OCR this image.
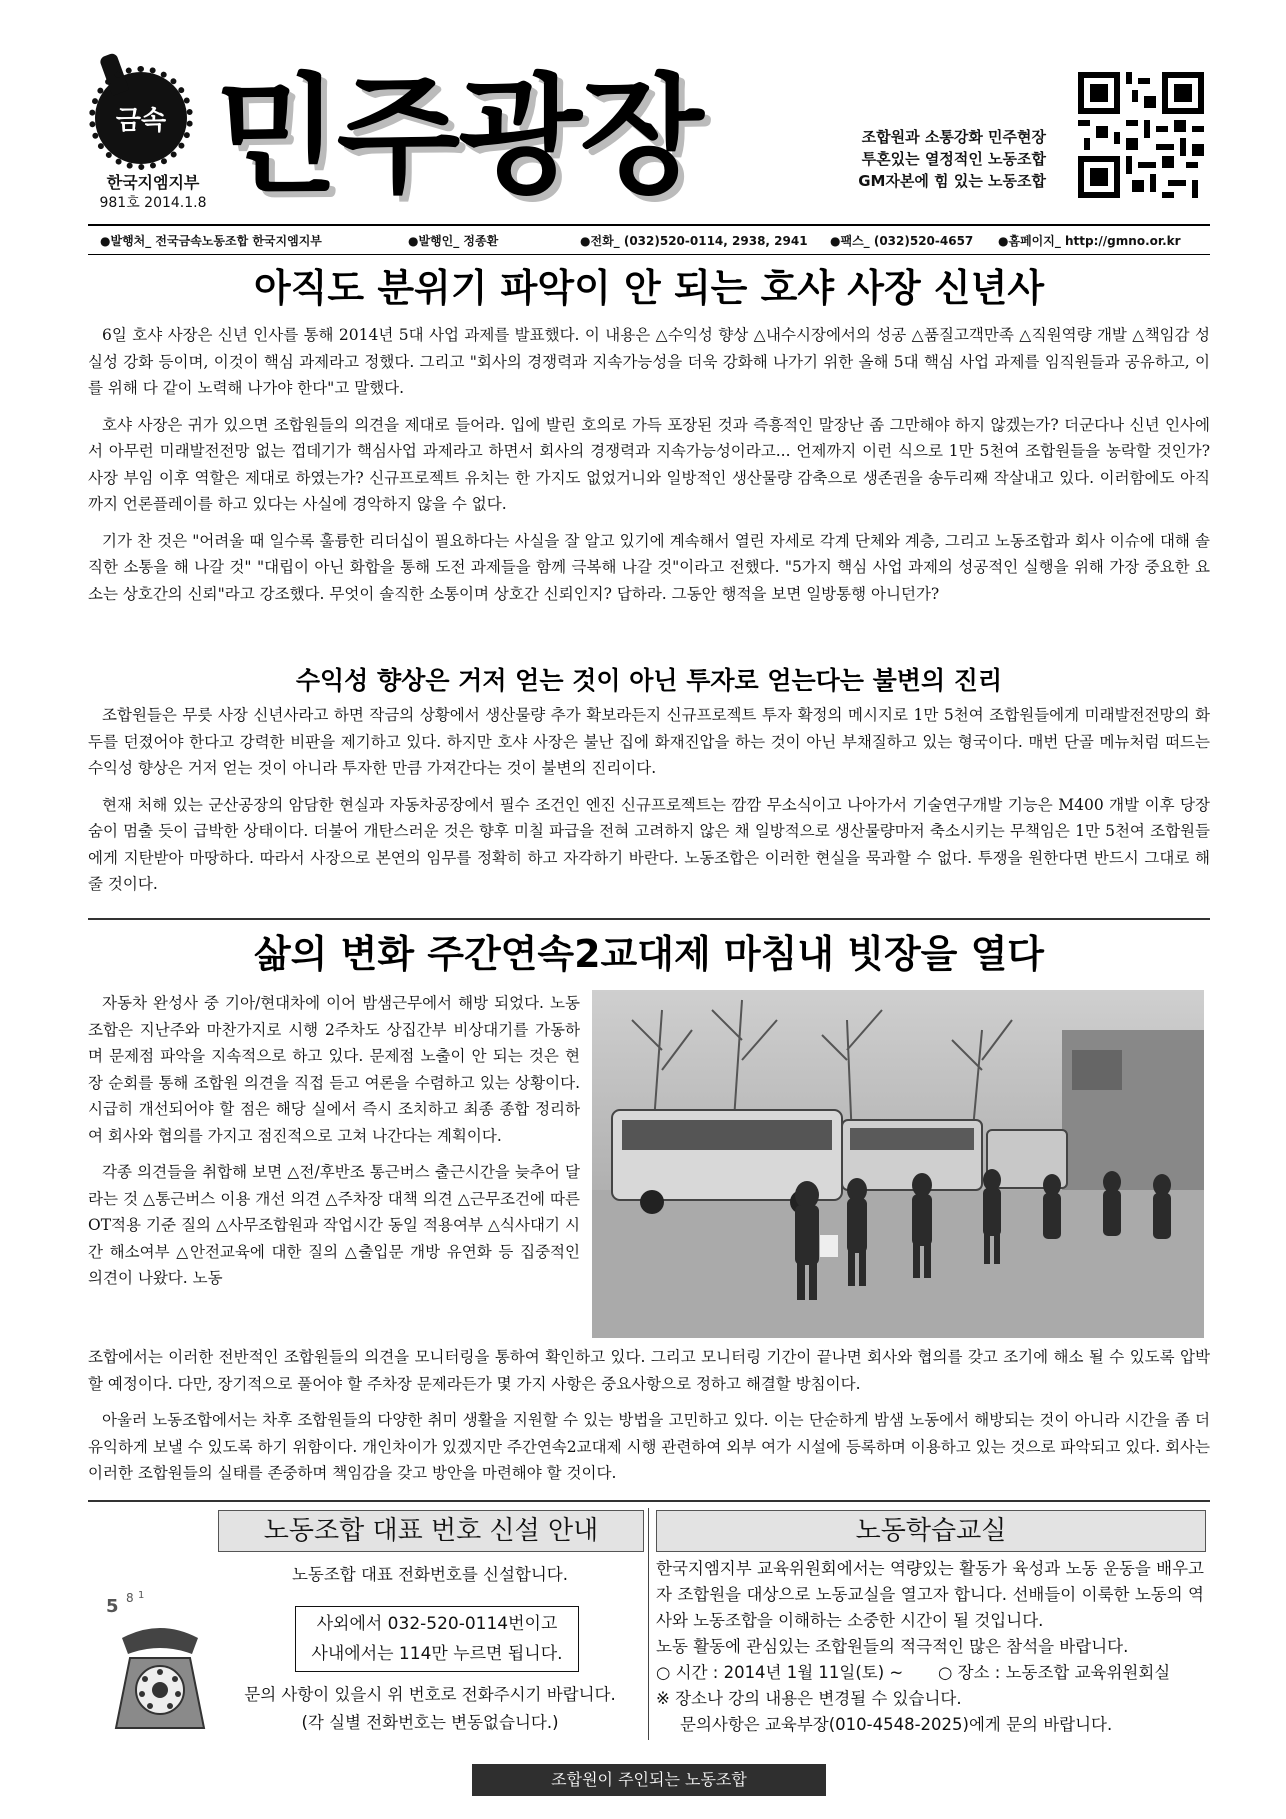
금속
한국지엠지부
981호 2014.1.8 민주광장	조합원과 소통강화 민주현장
투혼있는 열정적인 노동조합
GM자본에 힘 있는 노동조합
●발행처_ 전국금속노동조합 한국지엠지부	●발행인_ 정종환	●전화_ (032)520-0114, 2938, 2941 ●팩스_ (032)520-4657 ●홈페이지_ http://gmno.or.kr
아직도 분위기 파악이 안 되는 호샤 사장 신년사

6일 호샤 사장은 신년 인사를 통해 2014년 5대 사업 과제를 발표했다. 이 내용은 △수익성 향상 △내수시장에서의 성공 △품질고객만족 △직원역량 개발 △책임감 성실성 강화 등이며, 이것이 핵심 과제라고 정했다. 그리고 "회사의 경쟁력과 지속가능성을 더욱 강화해 나가기 위한 올해 5대 핵심 사업 과제를 임직원들과 공유하고, 이를 위해 다 같이 노력해 나가야 한다"고 말했다.

호샤 사장은 귀가 있으면 조합원들의 의견을 제대로 들어라. 입에 발린 호의로 가득 포장된 것과 즉흥적인 말장난 좀 그만해야 하지 않겠는가? 더군다나 신년 인사에서 아무런 미래발전전망 없는 껍데기가 핵심사업 과제라고 하면서 회사의 경쟁력과 지속가능성이라고... 언제까지 이런 식으로 1만 5천여 조합원들을 농락할 것인가? 사장 부임 이후 역할은 제대로 하였는가? 신규프로젝트 유치는 한 가지도 없었거니와 일방적인 생산물량 감축으로 생존권을 송두리째 작살내고 있다. 이러함에도 아직까지 언론플레이를 하고 있다는 사실에 경악하지 않을 수 없다.

기가 찬 것은 "어려울 때 일수록 훌륭한 리더십이 필요하다는 사실을 잘 알고 있기에 계속해서 열린 자세로 각계 단체와 계층, 그리고 노동조합과 회사 이슈에 대해 솔직한 소통을 해 나갈 것" "대립이 아닌 화합을 통해 도전 과제들을 함께 극복해 나갈 것"이라고 전했다. "5가지 핵심 사업 과제의 성공적인 실행을 위해 가장 중요한 요소는 상호간의 신뢰"라고 강조했다. 무엇이 솔직한 소통이며 상호간 신뢰인지? 답하라. 그동안 행적을 보면 일방통행 아니던가?

수익성 향상은 거저 얻는 것이 아닌 투자로 얻는다는 불변의 진리

조합원들은 무릇 사장 신년사라고 하면 작금의 상황에서 생산물량 추가 확보라든지 신규프로젝트 투자 확정의 메시지로 1만 5천여 조합원들에게 미래발전전망의 화두를 던졌어야 한다고 강력한 비판을 제기하고 있다. 하지만 호샤 사장은 불난 집에 화재진압을 하는 것이 아닌 부채질하고 있는 형국이다. 매번 단골 메뉴처럼 떠드는 수익성 향상은 거저 얻는 것이 아니라 투자한 만큼 가져간다는 것이 불변의 진리이다.

현재 처해 있는 군산공장의 암담한 현실과 자동차공장에서 필수 조건인 엔진 신규프로젝트는 깜깜 무소식이고 나아가서 기술연구개발 기능은 M400 개발 이후 당장 숨이 멈출 듯이 급박한 상태이다. 더불어 개탄스러운 것은 향후 미칠 파급을 전혀 고려하지 않은 채 일방적으로 생산물량마저 축소시키는 무책임은 1만 5천여 조합원들에게 지탄받아 마땅하다. 따라서 사장으로 본연의 임무를 정확히 하고 자각하기 바란다. 노동조합은 이러한 현실을 묵과할 수 없다. 투쟁을 원한다면 반드시 그대로 해 줄 것이다.

삶의 변화 주간연속2교대제 마침내 빗장을 열다

자동차 완성사 중 기아/현대차에 이어 밤샘근무에서 해방 되었다. 노동조합은 지난주와 마찬가지로 시행 2주차도 상집간부 비상대기를 가동하며 문제점 파악을 지속적으로 하고 있다. 문제점 노출이 안 되는 것은 현장 순회를 통해 조합원 의견을 직접 듣고 여론을 수렴하고 있는 상황이다. 시급히 개선되어야 할 점은 해당 실에서 즉시 조치하고 최종 종합 정리하여 회사와 협의를 가지고 점진적으로 고쳐 나간다는 계획이다.

각종 의견들을 취합해 보면 △전/후반조 통근버스 출근시간을 늦추어 달라는 것 △통근버스 이용 개선 의견 △주차장 대책 의견 △근무조건에 따른 OT적용 기준 질의 △사무조합원과 작업시간 동일 적용여부 △식사대기 시간 해소여부 △안전교육에 대한 질의 △출입문 개방 유연화 등 집중적인 의견이 나왔다. 노동

조합에서는 이러한 전반적인 조합원들의 의견을 모니터링을 통하여 확인하고 있다. 그리고 모니터링 기간이 끝나면 회사와 협의를 갖고 조기에 해소 될 수 있도록 압박할 예정이다. 다만, 장기적으로 풀어야 할 주차장 문제라든가 몇 가지 사항은 중요사항으로 정하고 해결할 방침이다.

아울러 노동조합에서는 차후 조합원들의 다양한 취미 생활을 지원할 수 있는 방법을 고민하고 있다. 이는 단순하게 밤샘 노동에서 해방되는 것이 아니라 시간을 좀 더 유익하게 보낼 수 있도록 하기 위함이다. 개인차이가 있겠지만 주간연속2교대제 시행 관련하여 외부 여가 시설에 등록하며 이용하고 있는 것으로 파악되고 있다. 회사는 이러한 조합원들의 실태를 존중하며 책임감을 갖고 방안을 마련해야 할 것이다.

노동조합 대표 번호 신설 안내
5 8 1
노동조합 대표 전화번호를 신설합니다.
사외에서 032-520-0114번이고
사내에서는 114만 누르면 됩니다.
문의 사항이 있을시 위 번호로 전화주시기 바랍니다.
(각 실별 전화번호는 변동없습니다.)
노동학습교실
한국지엠지부 교육위원회에서는 역량있는 활동가 육성과 노동 운동을 배우고자 조합원을 대상으로 노동교실을 열고자 합니다. 선배들이 이룩한 노동의 역사와 노동조합을 이해하는 소중한 시간이 될 것입니다.
노동 활동에 관심있는 조합원들의 적극적인 많은 참석을 바랍니다.
○ 시간 : 2014년 1월 11일(토) ~ ○ 장소 : 노동조합 교육위원회실
※ 장소나 강의 내용은 변경될 수 있습니다.
문의사항은 교육부장(010-4548-2025)에게 문의 바랍니다.
조합원이 주인되는 노동조합
